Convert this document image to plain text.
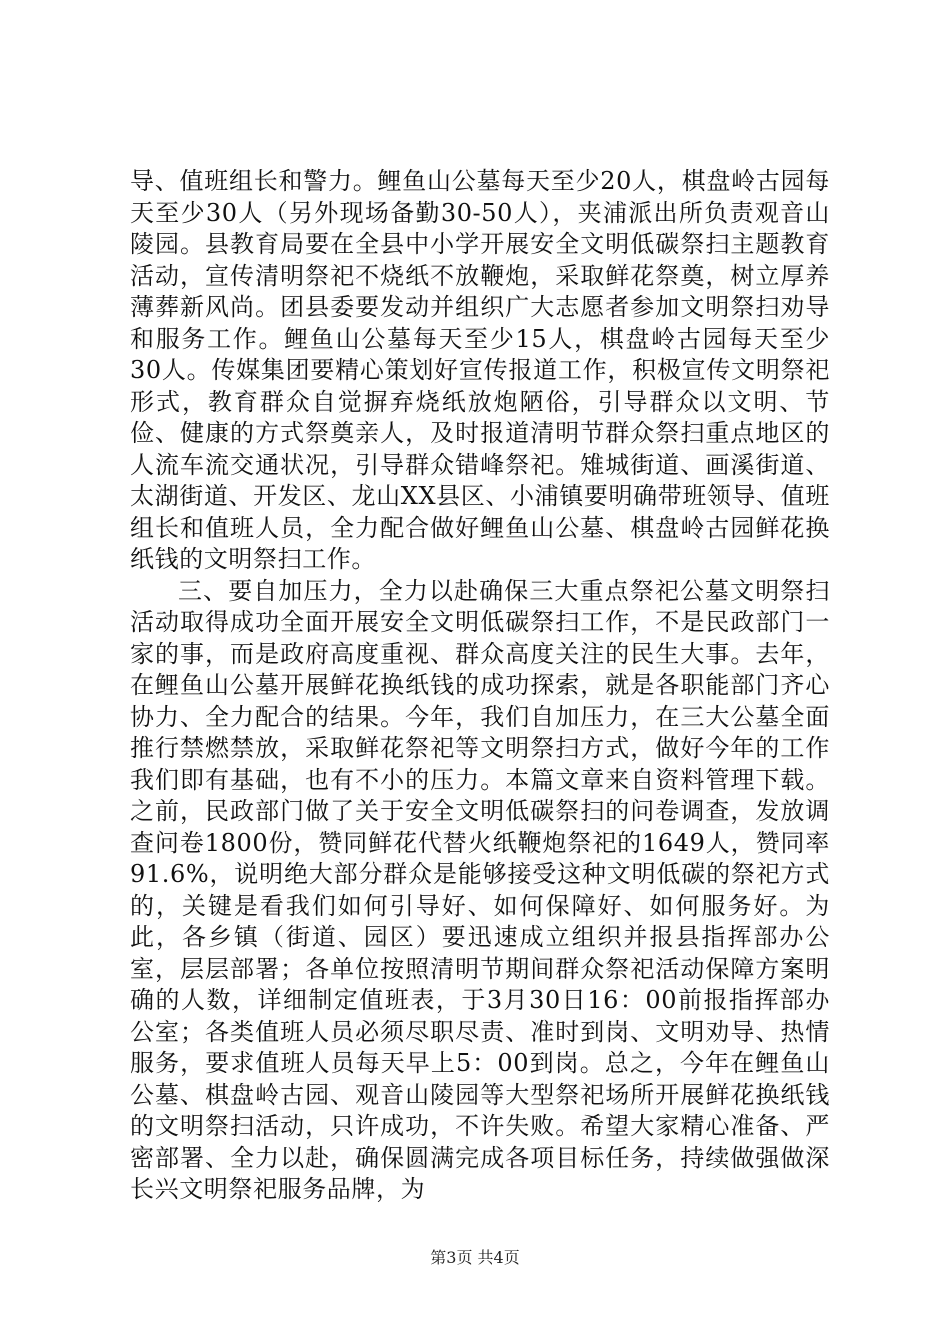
导、值班组长和警力。鲤鱼山公墓每天至少20人，棋盘岭古园每天至少30人（另外现场备勤30-50人），夹浦派出所负责观音山陵园。县教育局要在全县中小学开展安全文明低碳祭扫主题教育活动，宣传清明祭祀不烧纸不放鞭炮，采取鲜花祭奠，树立厚养薄葬新风尚。团县委要发动并组织广大志愿者参加文明祭扫劝导和服务工作。鲤鱼山公墓每天至少15人，棋盘岭古园每天至少30人。传媒集团要精心策划好宣传报道工作，积极宣传文明祭祀形式，教育群众自觉摒弃烧纸放炮陋俗，引导群众以文明、节俭、健康的方式祭奠亲人，及时报道清明节群众祭扫重点地区的人流车流交通状况，引导群众错峰祭祀。雉城街道、画溪街道、太湖街道、开发区、龙山XX县区、小浦镇要明确带班领导、值班组长和值班人员，全力配合做好鲤鱼山公墓、棋盘岭古园鲜花换纸钱的文明祭扫工作。

三、要自加压力，全力以赴确保三大重点祭祀公墓文明祭扫活动取得成功全面开展安全文明低碳祭扫工作，不是民政部门一家的事，而是政府高度重视、群众高度关注的民生大事。去年，在鲤鱼山公墓开展鲜花换纸钱的成功探索，就是各职能部门齐心协力、全力配合的结果。今年，我们自加压力，在三大公墓全面推行禁燃禁放，采取鲜花祭祀等文明祭扫方式，做好今年的工作我们即有基础，也有不小的压力。本篇文章来自资料管理下载。之前，民政部门做了关于安全文明低碳祭扫的问卷调查，发放调查问卷1800份，赞同鲜花代替火纸鞭炮祭祀的1649人，赞同率91.6%，说明绝大部分群众是能够接受这种文明低碳的祭祀方式的，关键是看我们如何引导好、如何保障好、如何服务好。为此，各乡镇（街道、园区）要迅速成立组织并报县指挥部办公室，层层部署；各单位按照清明节期间群众祭祀活动保障方案明确的人数，详细制定值班表，于3月30日16：00前报指挥部办公室；各类值班人员必须尽职尽责、准时到岗、文明劝导、热情服务，要求值班人员每天早上5：00到岗。总之，今年在鲤鱼山公墓、棋盘岭古园、观音山陵园等大型祭祀场所开展鲜花换纸钱的文明祭扫活动，只许成功，不许失败。希望大家精心准备、严密部署、全力以赴，确保圆满完成各项目标任务，持续做强做深长兴文明祭祀服务品牌，为

第3页 共4页
